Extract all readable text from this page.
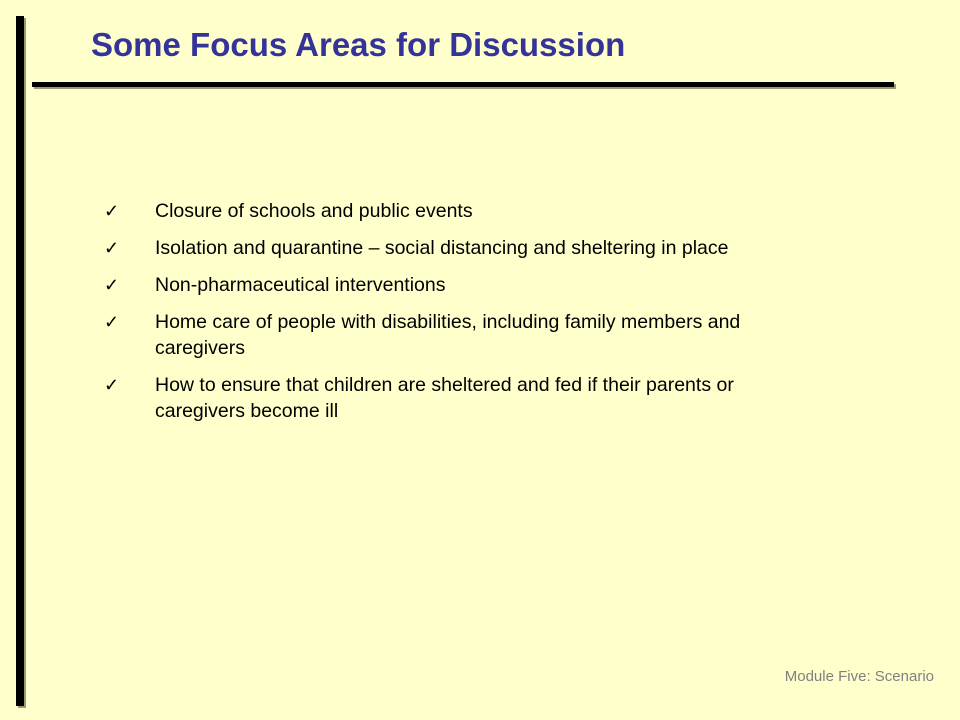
Some Focus Areas for Discussion
✓ Closure of schools and public events
✓ Isolation and quarantine – social distancing and sheltering in place
✓ Non-pharmaceutical interventions
✓ Home care of people with disabilities, including family members and caregivers
✓ How to ensure that children are sheltered and fed if their parents or caregivers become ill
Module Five: Scenario
